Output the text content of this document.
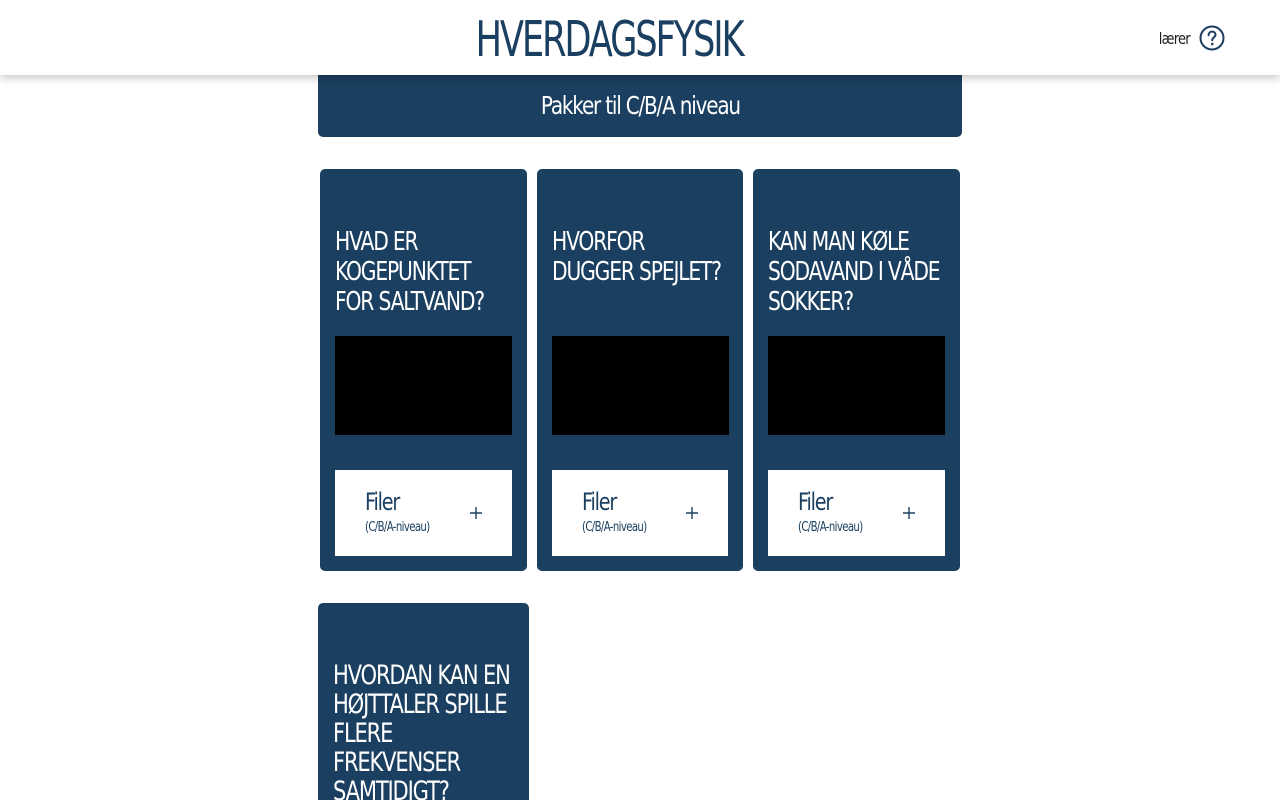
HVERDAGSFYSIK	lærer
Pakker til C/B/A niveau
HVAD ER KOGEPUNKTET FOR SALTVAND?
Filer
(C/B/A-niveau)
HVORFOR DUGGER SPEJLET?
Filer
(C/B/A-niveau)
KAN MAN KØLE SODAVAND I VÅDE SOKKER?
Filer
(C/B/A-niveau)
HVORDAN KAN EN HØJTTALER SPILLE FLERE FREKVENSER SAMTIDIGT?
